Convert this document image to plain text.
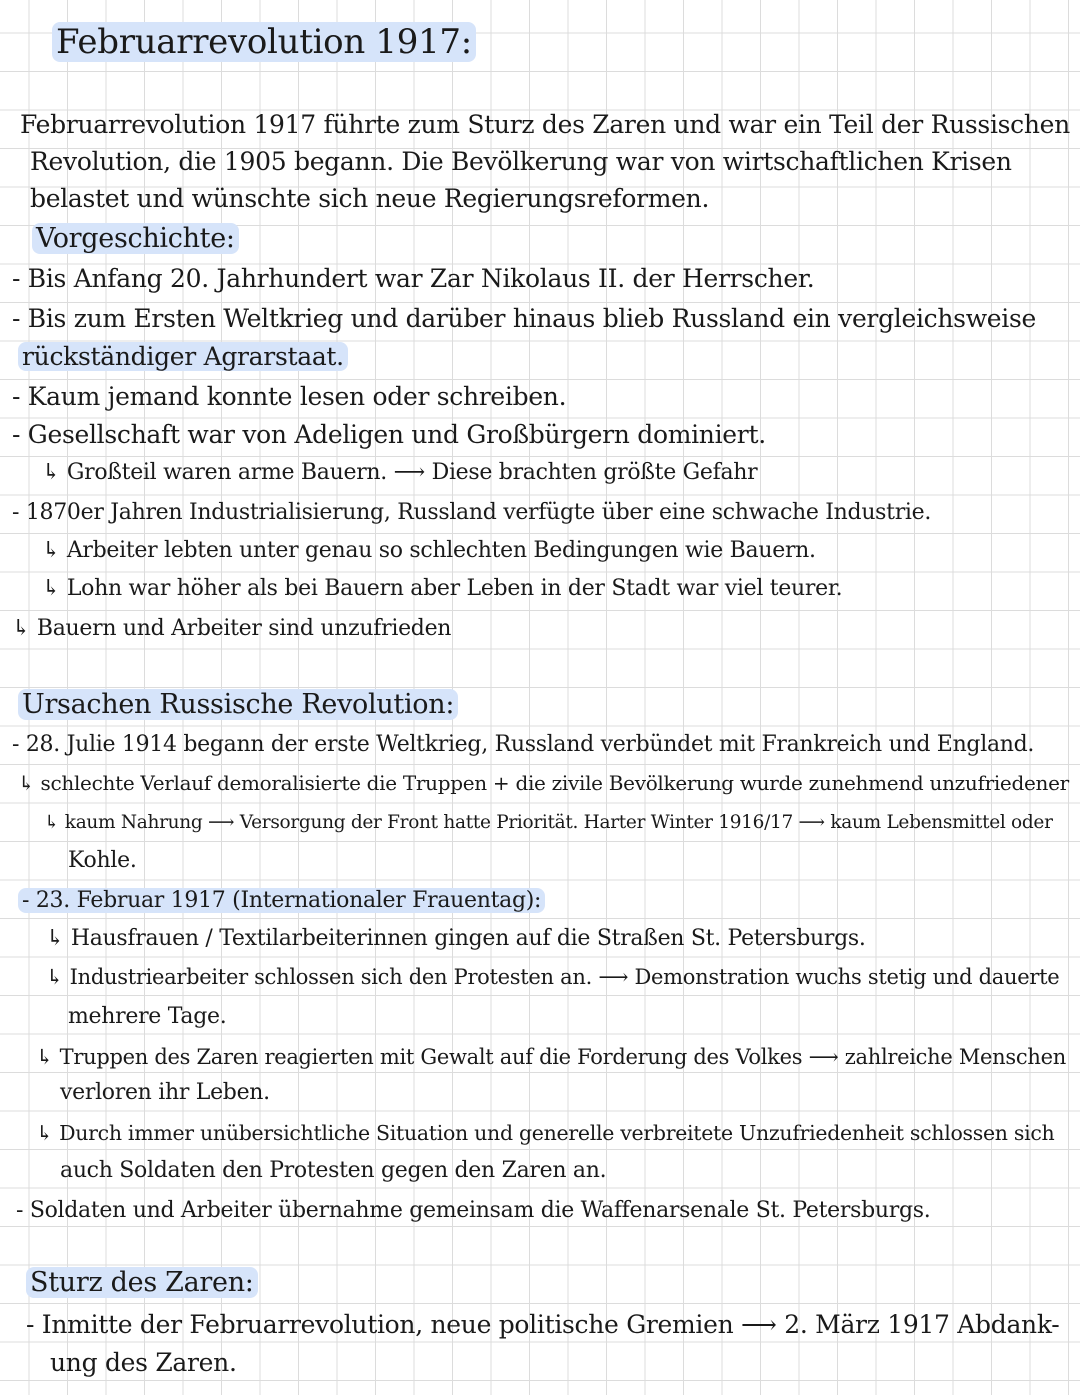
Februarrevolution 1917:
Februarrevolution 1917 führte zum Sturz des Zaren und war ein Teil der Russischen
Revolution, die 1905 begann. Die Bevölkerung war von wirtschaftlichen Krisen
belastet und wünschte sich neue Regierungsreformen.
Vorgeschichte:
- Bis Anfang 20. Jahrhundert war Zar Nikolaus II. der Herrscher.
- Bis zum Ersten Weltkrieg und darüber hinaus blieb Russland ein vergleichsweise
rückständiger Agrarstaat.
- Kaum jemand konnte lesen oder schreiben.
- Gesellschaft war von Adeligen und Großbürgern dominiert.
↳ Großteil waren arme Bauern. ⟶ Diese brachten größte Gefahr
- 1870er Jahren Industrialisierung, Russland verfügte über eine schwache Industrie.
↳ Arbeiter lebten unter genau so schlechten Bedingungen wie Bauern.
↳ Lohn war höher als bei Bauern aber Leben in der Stadt war viel teurer.
↳ Bauern und Arbeiter sind unzufrieden
Ursachen Russische Revolution:
- 28. Julie 1914 begann der erste Weltkrieg, Russland verbündet mit Frankreich und England.
↳ schlechte Verlauf demoralisierte die Truppen + die zivile Bevölkerung wurde zunehmend unzufriedener
↳ kaum Nahrung ⟶ Versorgung der Front hatte Priorität. Harter Winter 1916/17 ⟶ kaum Lebensmittel oder
Kohle.
- 23. Februar 1917 (Internationaler Frauentag):
↳ Hausfrauen / Textilarbeiterinnen gingen auf die Straßen St. Petersburgs.
↳ Industriearbeiter schlossen sich den Protesten an. ⟶ Demonstration wuchs stetig und dauerte
mehrere Tage.
↳ Truppen des Zaren reagierten mit Gewalt auf die Forderung des Volkes ⟶ zahlreiche Menschen
verloren ihr Leben.
↳ Durch immer unübersichtliche Situation und generelle verbreitete Unzufriedenheit schlossen sich
auch Soldaten den Protesten gegen den Zaren an.
- Soldaten und Arbeiter übernahme gemeinsam die Waffenarsenale St. Petersburgs.
Sturz des Zaren:
- Inmitte der Februarrevolution, neue politische Gremien ⟶ 2. März 1917 Abdank-
ung des Zaren.
